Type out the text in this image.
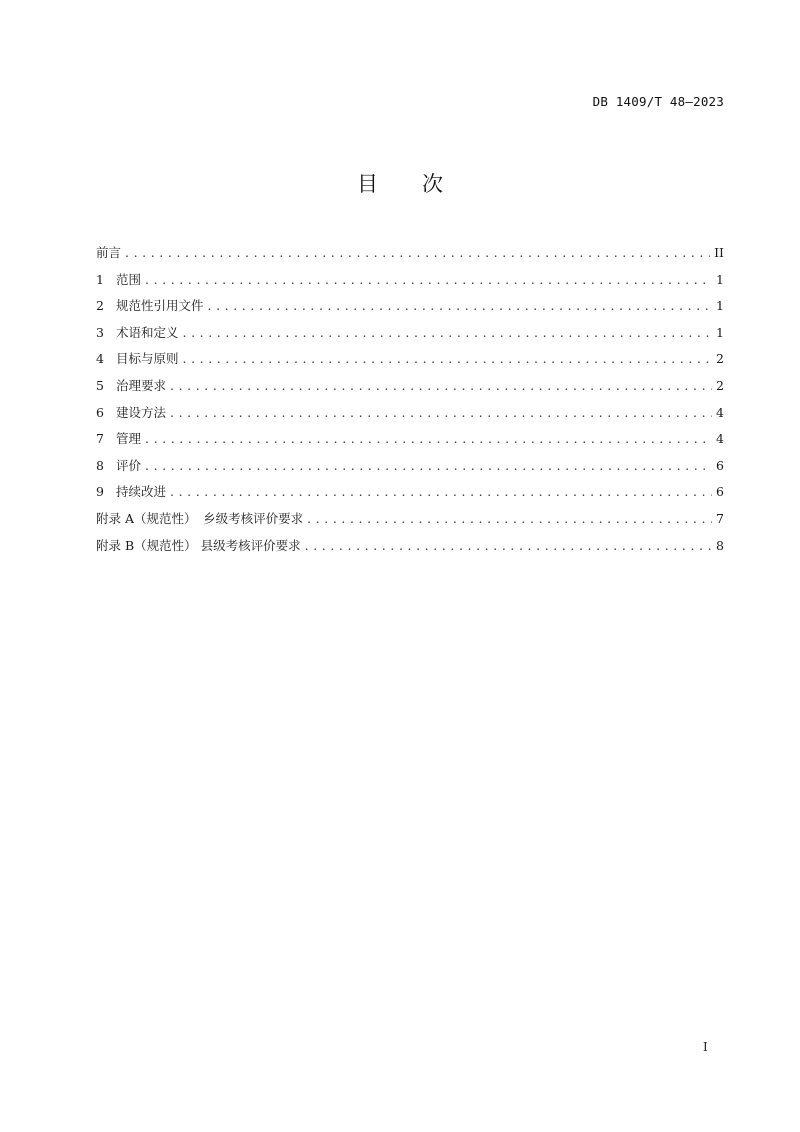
DB 1409/T 48—2023
目 次
前言 .....	II
1 范围 .....	1
2 规范性引用文件 .....	1
3 术语和定义 .....	1
4 目标与原则 .....	2
5 治理要求 .....	2
6 建设方法 .....	4
7 管理 .....	4
8 评价 .....	6
9 持续改进 .....	6
附录 A（规范性） 乡级考核评价要求 .....	7
附录 B（规范性） 县级考核评价要求 .....	8
I
